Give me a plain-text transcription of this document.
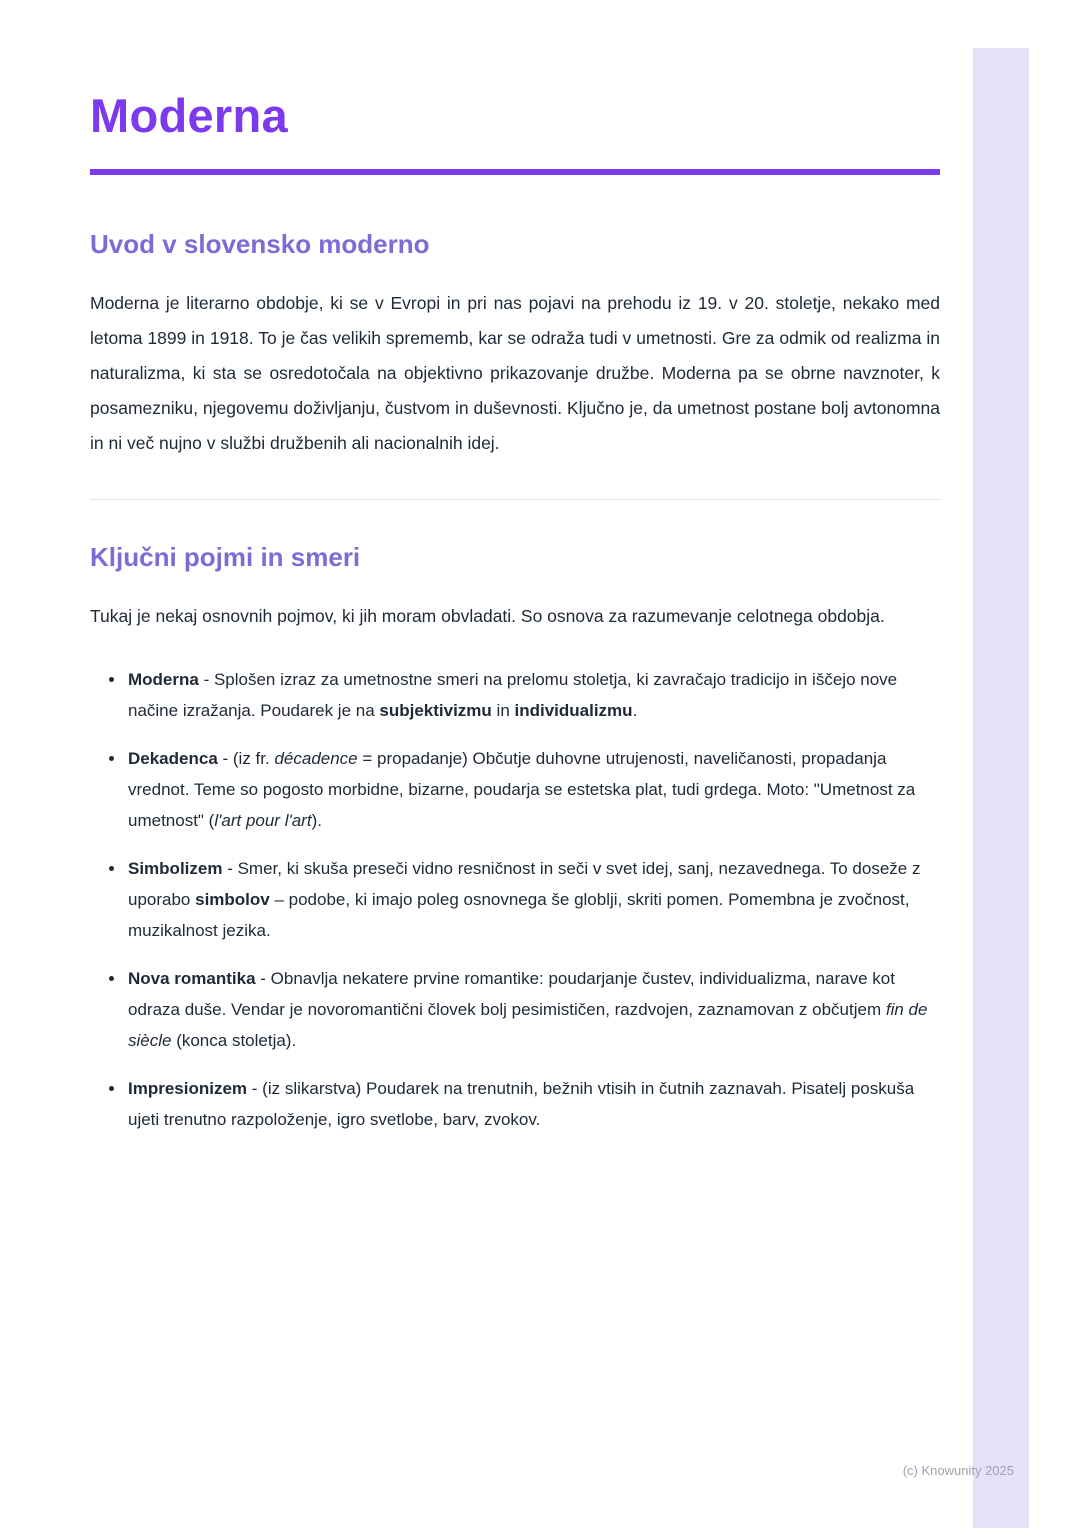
Moderna
Uvod v slovensko moderno

Moderna je literarno obdobje, ki se v Evropi in pri nas pojavi na prehodu iz 19. v 20. stoletje, nekako med letoma 1899 in 1918. To je čas velikih sprememb, kar se odraža tudi v umetnosti. Gre za odmik od realizma in naturalizma, ki sta se osredotočala na objektivno prikazovanje družbe. Moderna pa se obrne navznoter, k posamezniku, njegovemu doživljanju, čustvom in duševnosti. Ključno je, da umetnost postane bolj avtonomna in ni več nujno v službi družbenih ali nacionalnih idej.

Ključni pojmi in smeri

Tukaj je nekaj osnovnih pojmov, ki jih moram obvladati. So osnova za razumevanje celotnega obdobja.

• Moderna - Splošen izraz za umetnostne smeri na prelomu stoletja, ki zavračajo tradicijo in iščejo nove načine izražanja. Poudarek je na subjektivizmu in individualizmu.
• Dekadenca - (iz fr. décadence = propadanje) Občutje duhovne utrujenosti, naveličanosti, propadanja vrednot. Teme so pogosto morbidne, bizarne, poudarja se estetska plat, tudi grdega. Moto: "Umetnost za umetnost" (l'art pour l'art).
• Simbolizem - Smer, ki skuša preseči vidno resničnost in seči v svet idej, sanj, nezavednega. To doseže z uporabo simbolov – podobe, ki imajo poleg osnovnega še globlji, skriti pomen. Pomembna je zvočnost, muzikalnost jezika.
• Nova romantika - Obnavlja nekatere prvine romantike: poudarjanje čustev, individualizma, narave kot odraza duše. Vendar je novoromantični človek bolj pesimističen, razdvojen, zaznamovan z občutjem fin de siècle (konca stoletja).
• Impresionizem - (iz slikarstva) Poudarek na trenutnih, bežnih vtisih in čutnih zaznavah. Pisatelj poskuša ujeti trenutno razpoloženje, igro svetlobe, barv, zvokov.
(c) Knowunity 2025
